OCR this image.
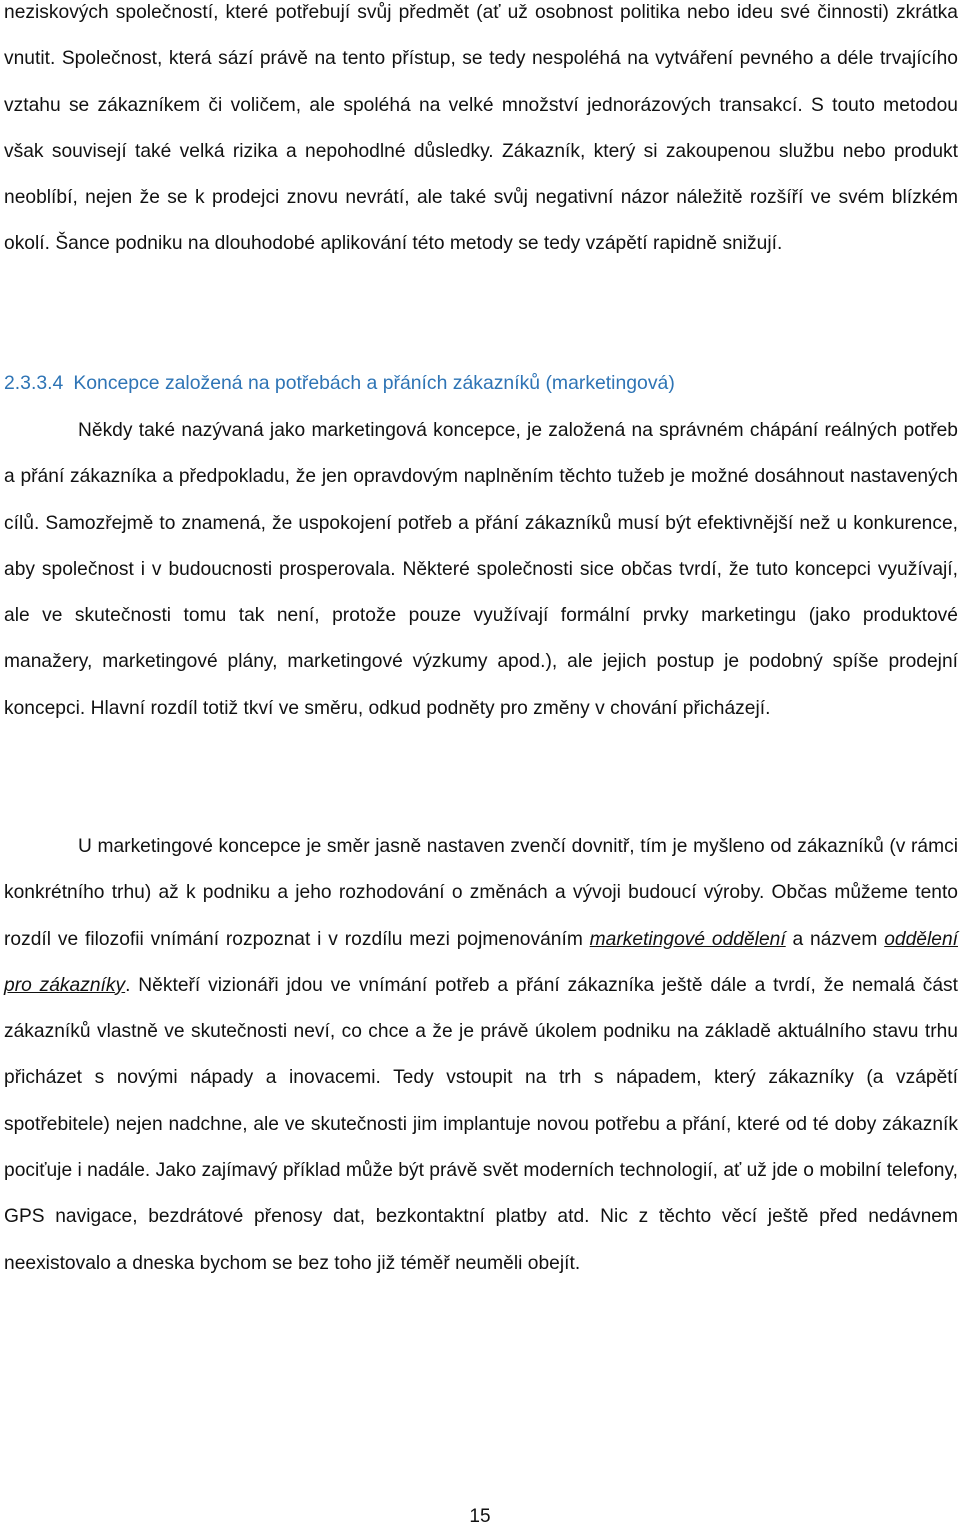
neziskových společností, které potřebují svůj předmět (ať už osobnost politika nebo ideu své činnosti) zkrátka vnutit. Společnost, která sází právě na tento přístup, se tedy nespoléhá na vytváření pevného a déle trvajícího vztahu se zákazníkem či voličem, ale spoléhá na velké množství jednorázových transakcí. S touto metodou však souvisejí také velká rizika a nepohodlné důsledky. Zákazník, který si zakoupenou službu nebo produkt neoblíbí, nejen že se k prodejci znovu nevrátí, ale také svůj negativní názor náležitě rozšíří ve svém blízkém okolí. Šance podniku na dlouhodobé aplikování této metody se tedy vzápětí rapidně snižují.

2.3.3.4 Koncepce založená na potřebách a přáních zákazníků (marketingová)

Někdy také nazývaná jako marketingová koncepce, je založená na správném chápání reálných potřeb a přání zákazníka a předpokladu, že jen opravdovým naplněním těchto tužeb je možné dosáhnout nastavených cílů. Samozřejmě to znamená, že uspokojení potřeb a přání zákazníků musí být efektivnější než u konkurence, aby společnost i v budoucnosti prosperovala. Některé společnosti sice občas tvrdí, že tuto koncepci využívají, ale ve skutečnosti tomu tak není, protože pouze využívají formální prvky marketingu (jako produktové manažery, marketingové plány, marketingové výzkumy apod.), ale jejich postup je podobný spíše prodejní koncepci. Hlavní rozdíl totiž tkví ve směru, odkud podněty pro změny v chování přicházejí.

U marketingové koncepce je směr jasně nastaven zvenčí dovnitř, tím je myšleno od zákazníků (v rámci konkrétního trhu) až k podniku a jeho rozhodování o změnách a vývoji budoucí výroby. Občas můžeme tento rozdíl ve filozofii vnímání rozpoznat i v rozdílu mezi pojmenováním marketingové oddělení a názvem oddělení pro zákazníky. Někteří vizionáři jdou ve vnímání potřeb a přání zákazníka ještě dále a tvrdí, že nemalá část zákazníků vlastně ve skutečnosti neví, co chce a že je právě úkolem podniku na základě aktuálního stavu trhu přicházet s novými nápady a inovacemi. Tedy vstoupit na trh s nápadem, který zákazníky (a vzápětí spotřebitele) nejen nadchne, ale ve skutečnosti jim implantuje novou potřebu a přání, které od té doby zákazník pociťuje i nadále. Jako zajímavý příklad může být právě svět moderních technologií, ať už jde o mobilní telefony, GPS navigace, bezdrátové přenosy dat, bezkontaktní platby atd. Nic z těchto věcí ještě před nedávnem neexistovalo a dneska bychom se bez toho již téměř neuměli obejít.

15
